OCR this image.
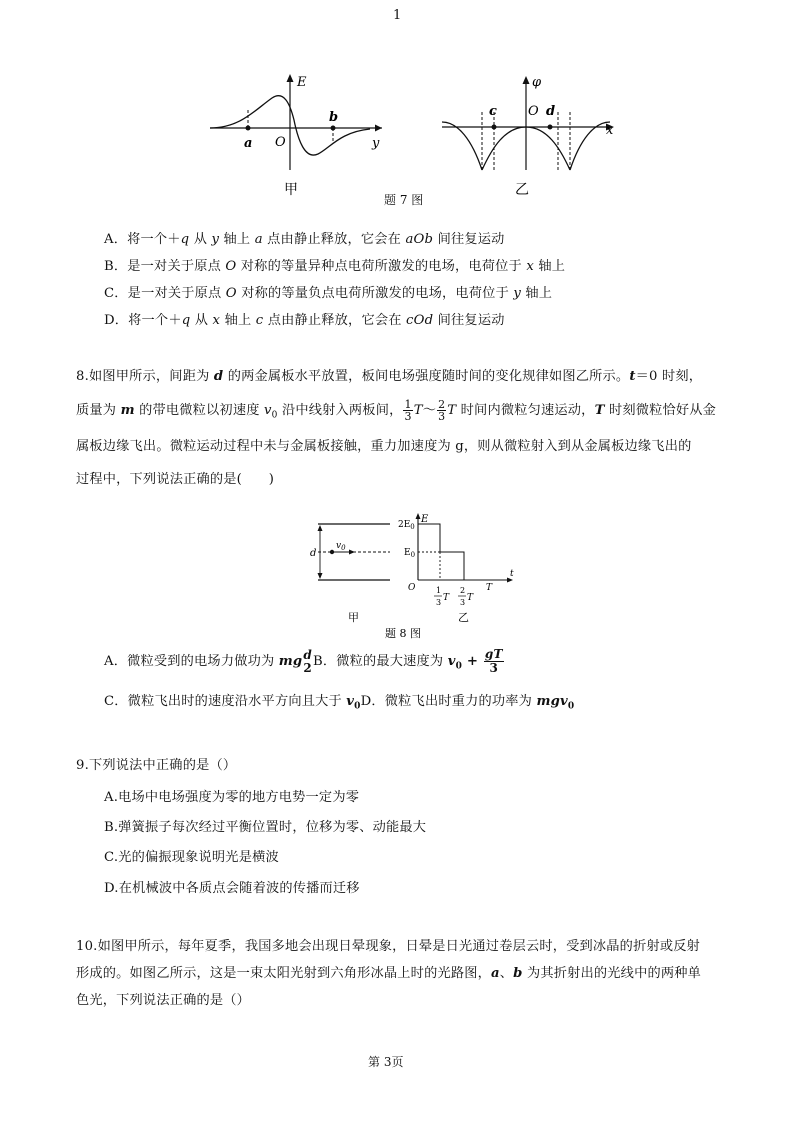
1
E
a O
b
y
甲
φ
c O d
x
乙
题 7 图
A．将一个＋q 从 y 轴上 a 点由静止释放，它会在 aOb 间往复运动
B．是一对关于原点 O 对称的等量异种点电荷所激发的电场，电荷位于 x 轴上
C．是一对关于原点 O 对称的等量负点电荷所激发的电场，电荷位于 y 轴上
D．将一个＋q 从 x 轴上 c 点由静止释放，它会在 cOd 间往复运动
8.如图甲所示，间距为 d 的两金属板水平放置，板间电场强度随时间的变化规律如图乙所示。t＝0 时刻，
质量为 m 的带电微粒以初速度 $v_0$ 沿中线射入两板间， $\frac{1}{3}$ T～ $\frac{2}{3}$ T 时间内微粒匀速运动，T 时刻微粒恰好从金
属板边缘飞出。微粒运动过程中未与金属板接触，重力加速度为 g，则从微粒射入到从金属板边缘飞出的
过程中，下列说法正确的是(　　)
d
$v_0$
E
$2E_0$
$E_0$
O
t
1
3 T
2
3 T
T
甲	乙
题 8 图
A．微粒受到的电场力做功为 mg d
2 B．微粒的最大速度为 $v_0 + \frac{gT}{3}$
C．微粒飞出时的速度沿水平方向且大于 $v_0D$．微粒飞出时重力的功率为 mgv$_0$
9.下列说法中正确的是（）
A.电场中电场强度为零的地方电势一定为零
B.弹簧振子每次经过平衡位置时，位移为零、动能最大
C.光的偏振现象说明光是横波
D.在机械波中各质点会随着波的传播而迁移
10.如图甲所示，每年夏季，我国多地会出现日晕现象，日晕是日光通过卷层云时，受到冰晶的折射或反射
形成的。如图乙所示，这是一束太阳光射到六角形冰晶上时的光路图，a、b 为其折射出的光线中的两种单
色光，下列说法正确的是（）
第 3页
